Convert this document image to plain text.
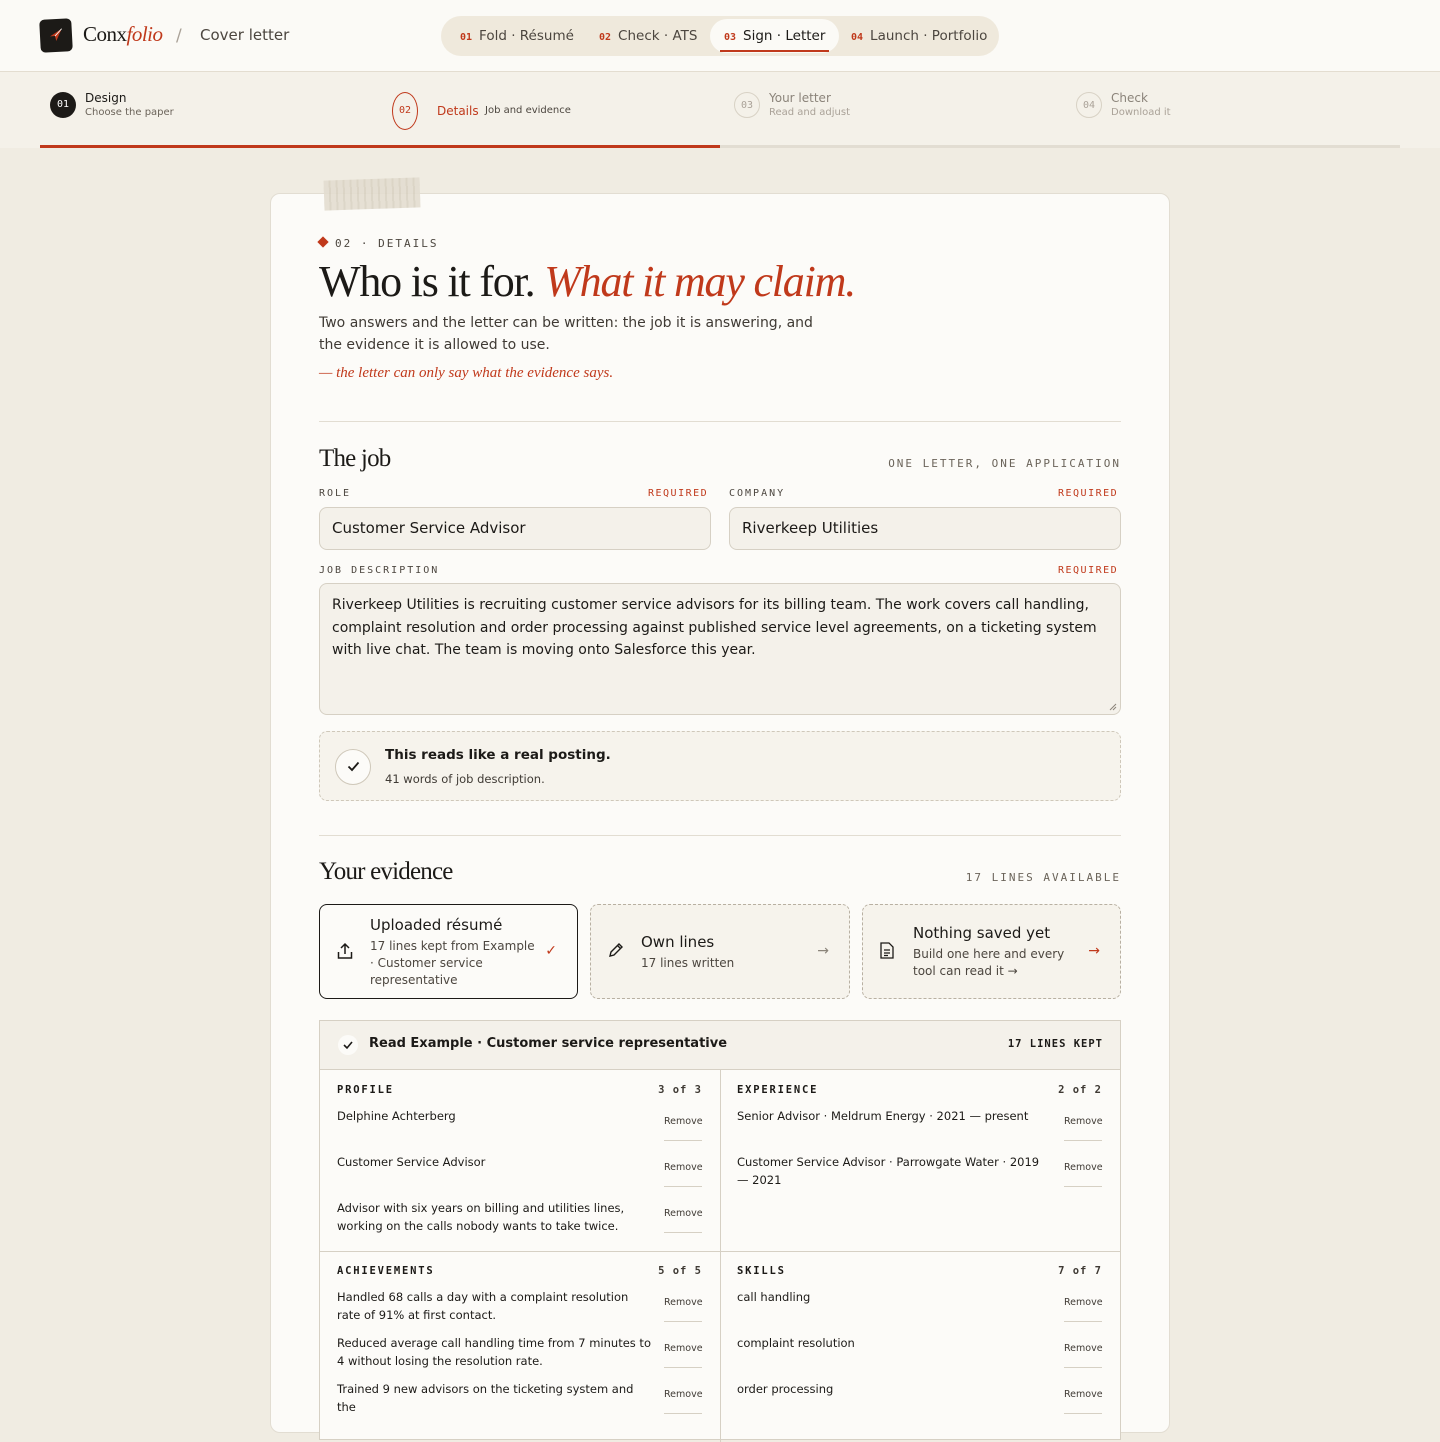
Conxfolio / Cover letter	01 Fold · Résumé	02 Check · ATS	03 Sign · Letter	04 Launch · Portfolio
01	Design
Choose the paper	02	Details Job and evidence	03
Your letter
Read and adjust
04
Check
Download it
02 · DETAILS
Who is it for. What it may claim.
Two answers and the letter can be written: the job it is answering, and the evidence it is allowed to use.
— the letter can only say what the evidence says.
The job	ONE LETTER, ONE APPLICATION
ROLE	REQUIRED
Customer Service Advisor
COMPANY	REQUIRED
Riverkeep Utilities
JOB DESCRIPTION	REQUIRED
Riverkeep Utilities is recruiting customer service advisors for its billing team. The work covers call handling, complaint resolution and order processing against published service level agreements, on a ticketing system with live chat. The team is moving onto Salesforce this year.
This reads like a real posting.
41 words of job description.
Your evidence	17 LINES AVAILABLE
Uploaded résumé
17 lines kept from Example · Customer service representative
✓	Own lines
17 lines written
→
Nothing saved yet
Build one here and every tool can read it →
→
Read Example · Customer service representative	17 LINES KEPT
PROFILE	3 of 3
Delphine Achterberg	Remove
Customer Service Advisor	Remove
Advisor with six years on billing and utilities lines, working on the calls nobody wants to take twice.
Remove
EXPERIENCE	2 of 2
Senior Advisor · Meldrum Energy · 2021 — present	Remove
Customer Service Advisor · Parrowgate Water · 2019 — 2021
Remove
ACHIEVEMENTS	5 of 5
Handled 68 calls a day with a complaint resolution rate of 91% at first contact.
Remove
Reduced average call handling time from 7 minutes to 4 without losing the resolution rate.
Remove
Trained 9 new advisors on the ticketing system and the
Remove
SKILLS	7 of 7
call handling	Remove
complaint resolution	Remove
order processing	Remove
